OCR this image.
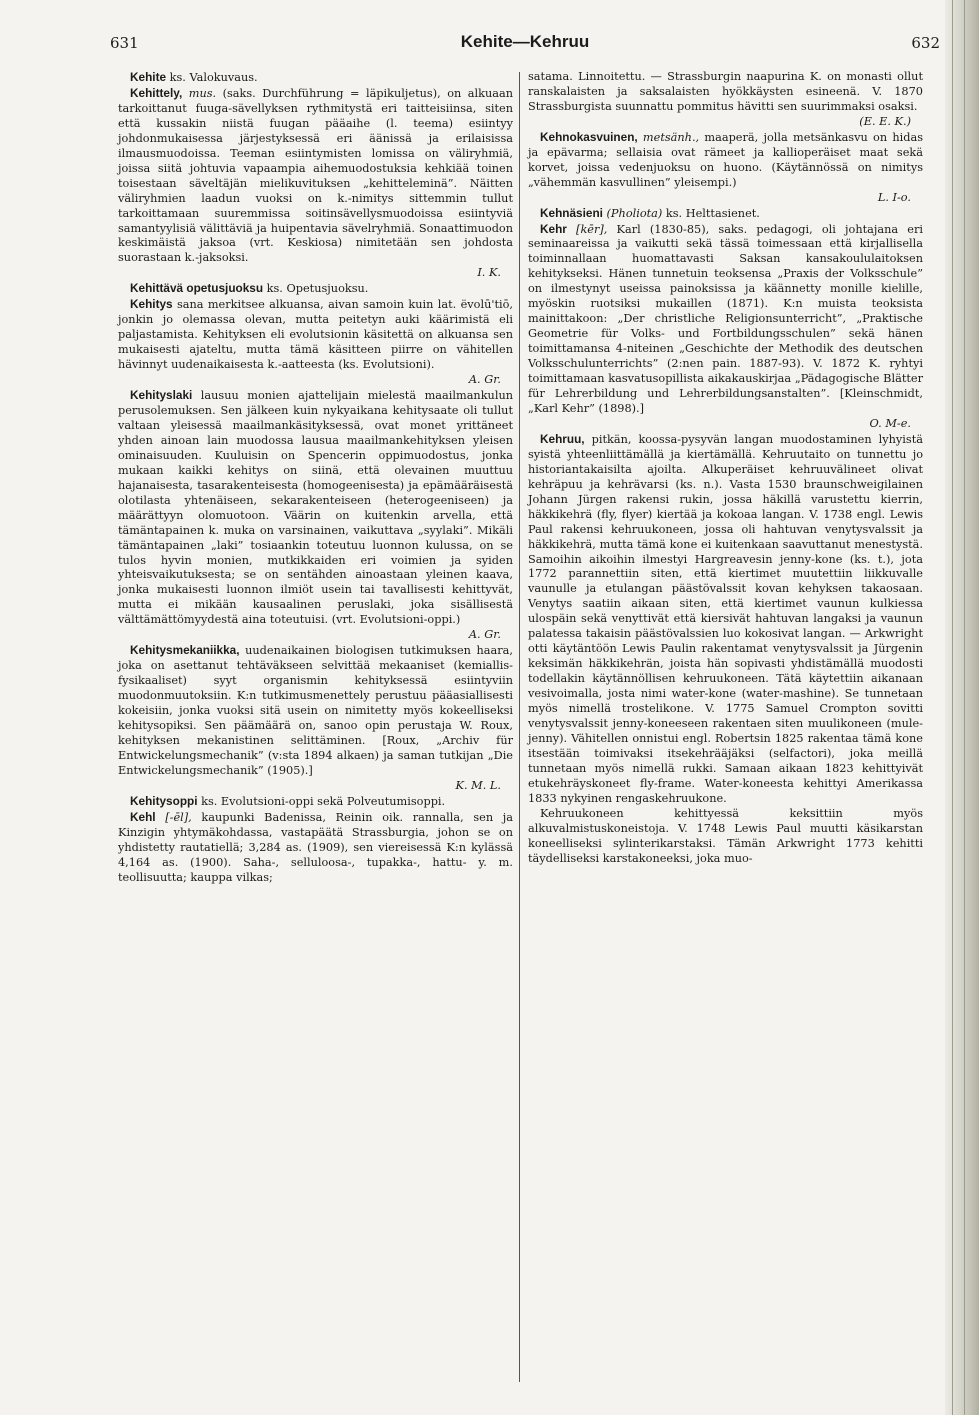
631	Kehite—Kehruu	632

Kehite ks. Valokuvaus.

Kehittely, mus. (saks. Durchführung = läpikuljetus), on alkuaan tarkoittanut fuuga-sävellyksen rythmitystä eri taitteisiinsa, siten että kussakin niistä fuugan pääaihe (l. teema) esiintyy johdonmukaisessa järjestyksessä eri äänissä ja erilaisissa ilmausmuodoissa. Teeman esiintymisten lomissa on väliryhmiä, joissa siitä johtuvia vapaampia aihemuodostuksia kehkiää toinen toisestaan säveltäjän mielikuvituksen „kehitteleminä”. Näitten väliryhmien laadun vuoksi on k.-nimitys sittemmin tullut tarkoittamaan suuremmissa soitinsävellysmuodoissa esiintyviä samantyylisiä välittäviä ja huipentavia sävelryhmiä. Sonaattimuodon keskimäistä jaksoa (vrt. Keskiosa) nimitetään sen johdosta suorastaan k.-jaksoksi.
I. K.

Kehittävä opetusjuoksu ks. Opetusjuoksu.

Kehitys sana merkitsee alkuansa, aivan samoin kuin lat. ëvolū'tiō, jonkin jo olemassa olevan, mutta peitetyn auki käärimistä eli paljastamista. Kehityksen eli evolutsionin käsitettä on alkuansa sen mukaisesti ajateltu, mutta tämä käsitteen piirre on vähitellen hävinnyt uudenaikaisesta k.-aatteesta (ks. Evolutsioni).
A. Gr.

Kehityslaki lausuu monien ajattelijain mielestä maailmankulun perusolemuksen. Sen jälkeen kuin nykyaikana kehitysaate oli tullut valtaan yleisessä maailmankäsityksessä, ovat monet yrittäneet yhden ainoan lain muodossa lausua maailmankehityksen yleisen ominaisuuden. Kuuluisin on Spencerin oppimuodostus, jonka mukaan kaikki kehitys on siinä, että olevainen muuttuu hajanaisesta, tasarakenteisesta (homogeenisesta) ja epämääräisestä olotilasta yhtenäiseen, sekarakenteiseen (heterogeeniseen) ja määrättyyn olomuotoon. Väärin on kuitenkin arvella, että tämäntapainen k. muka on varsinainen, vaikuttava „syylaki”. Mikäli tämäntapainen „laki” tosiaankin toteutuu luonnon kulussa, on se tulos hyvin monien, mutkikkaiden eri voimien ja syiden yhteisvaikutuksesta; se on sentähden ainoastaan yleinen kaava, jonka mukaisesti luonnon ilmiöt usein tai tavallisesti kehittyvät, mutta ei mikään kausaalinen peruslaki, joka sisällisestä välttämättömyydestä aina toteutuisi. (vrt. Evolutsioni-oppi.)
A. Gr.

Kehitysmekaniikka, uudenaikainen biologisen tutkimuksen haara, joka on asettanut tehtäväkseen selvittää mekaaniset (kemiallis-fysikaaliset) syyt organismin kehityksessä esiintyviin muodonmuutoksiin. K:n tutkimusmenettely perustuu pääasiallisesti kokeisiin, jonka vuoksi sitä usein on nimitetty myös kokeelliseksi kehitysopiksi. Sen päämäärä on, sanoo opin perustaja W. Roux, kehityksen mekanistinen selittäminen. [Roux, „Archiv für Entwickelungsmechanik” (v:sta 1894 alkaen) ja saman tutkijan „Die Entwickelungsmechanik” (1905).]
K. M. L.

Kehitysoppi ks. Evolutsioni-oppi sekä Polveutumisoppi.

Kehl [-ēl], kaupunki Badenissa, Reinin oik. rannalla, sen ja Kinzigin yhtymäkohdassa, vastapäätä Strassburgia, johon se on yhdistetty rautatiellä; 3,284 as. (1909), sen viereisessä K:n kylässä 4,164 as. (1900). Saha-, selluloosa-, tupakka-, hattu- y. m. teollisuutta; kauppa vilkas;

satama. Linnoitettu. — Strassburgin naapurina K. on monasti ollut ranskalaisten ja saksalaisten hyökkäysten esineenä. V. 1870 Strassburgista suunnattu pommitus hävitti sen suurimmaksi osaksi.
(E. E. K.)

Kehnokasvuinen, metsänh., maaperä, jolla metsänkasvu on hidas ja epävarma; sellaisia ovat rämeet ja kallioperäiset maat sekä korvet, joissa vedenjuoksu on huono. (Käytännössä on nimitys „vähemmän kasvullinen” yleisempi.)
L. I-o.

Kehnäsieni (Pholiota) ks. Helttasienet.

Kehr [kēr], Karl (1830-85), saks. pedagogi, oli johtajana eri seminaareissa ja vaikutti sekä tässä toimessaan että kirjallisella toiminnallaan huomattavasti Saksan kansakoululaitoksen kehitykseksi. Hänen tunnetuin teoksensa „Praxis der Volksschule” on ilmestynyt useissa painoksissa ja käännetty monille kielille, myöskin ruotsiksi mukaillen (1871). K:n muista teoksista mainittakoon: „Der christliche Religionsunterricht”, „Praktische Geometrie für Volks- und Fortbildungsschulen” sekä hänen toimittamansa 4-niteinen „Geschichte der Methodik des deutschen Volksschulunterrichts” (2:nen pain. 1887-93). V. 1872 K. ryhtyi toimittamaan kasvatusopillista aikakauskirjaa „Pädagogische Blätter für Lehrerbildung und Lehrerbildungsanstalten”. [Kleinschmidt, „Karl Kehr” (1898).]
O. M-e.

Kehruu, pitkän, koossa-pysyvän langan muodostaminen lyhyistä syistä yhteenliittämällä ja kiertämällä. Kehruutaito on tunnettu jo historiantakaisilta ajoilta. Alkuperäiset kehruuvälineet olivat kehräpuu ja kehrävarsi (ks. n.). Vasta 1530 braunschweigilainen Johann Jürgen rakensi rukin, jossa häkillä varustettu kierrin, häkkikehrä (fly, flyer) kiertää ja kokoaa langan. V. 1738 engl. Lewis Paul rakensi kehruukoneen, jossa oli hahtuvan venytysvalssit ja häkkikehrä, mutta tämä kone ei kuitenkaan saavuttanut menestystä. Samoihin aikoihin ilmestyi Hargreavesin jenny-kone (ks. t.), jota 1772 parannettiin siten, että kiertimet muutettiin liikkuvalle vaunulle ja etulangan päästövalssit kovan kehyksen takaosaan. Venytys saatiin aikaan siten, että kiertimet vaunun kulkiessa ulospäin sekä venyttivät että kiersivät hahtuvan langaksi ja vaunun palatessa takaisin päästövalssien luo kokosivat langan. — Arkwright otti käytäntöön Lewis Paulin rakentamat venytysvalssit ja Jürgenin keksimän häkkikehrän, joista hän sopivasti yhdistämällä muodosti todellakin käytännöllisen kehruukoneen. Tätä käytettiin aikanaan vesivoimalla, josta nimi water-kone (water-mashine). Se tunnetaan myös nimellä trostelikone. V. 1775 Samuel Crompton sovitti venytysvalssit jenny-koneeseen rakentaen siten muulikoneen (mule-jenny). Vähitellen onnistui engl. Robertsin 1825 rakentaa tämä kone itsestään toimivaksi itsekehrääjäksi (selfactori), joka meillä tunnetaan myös nimellä rukki. Samaan aikaan 1823 kehittyivät etukehräyskoneet fly-frame. Water-koneesta kehittyi Amerikassa 1833 nykyinen rengaskehruukone.

Kehruukoneen kehittyessä keksittiin myös alkuvalmistuskoneistoja. V. 1748 Lewis Paul muutti käsikarstan koneelliseksi sylinterikarstaksi. Tämän Arkwright 1773 kehitti täydelliseksi karstakoneeksi, joka muo-
